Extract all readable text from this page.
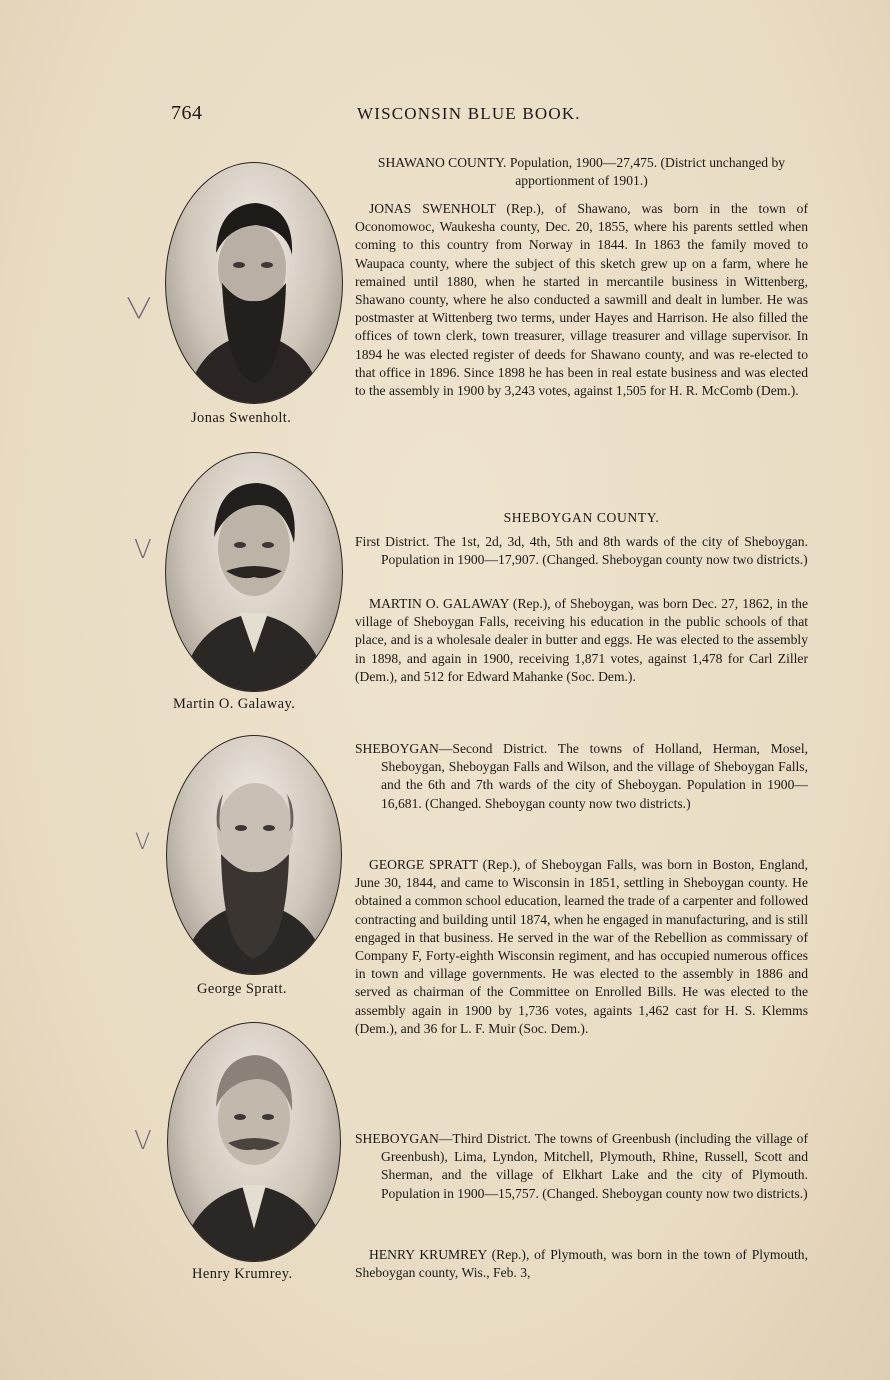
764	WISCONSIN BLUE BOOK.
Jonas Swenholt.
╲╱
Martin O. Galaway.
V
George Spratt.
V
Henry Krumrey.
V

SHAWANO COUNTY. Population, 1900—27,475. (District unchanged by apportionment of 1901.)

JONAS SWENHOLT (Rep.), of Shawano, was born in the town of Oconomowoc, Waukesha county, Dec. 20, 1855, where his parents settled when coming to this country from Norway in 1844. In 1863 the family moved to Waupaca county, where the subject of this sketch grew up on a farm, where he remained until 1880, when he started in mercantile business in Wittenberg, Shawano county, where he also conducted a sawmill and dealt in lumber. He was postmaster at Wittenberg two terms, under Hayes and Harrison. He also filled the offices of town clerk, town treasurer, village treasurer and village supervisor. In 1894 he was elected register of deeds for Shawano county, and was re-elected to that office in 1896. Since 1898 he has been in real estate business and was elected to the assembly in 1900 by 3,243 votes, against 1,505 for H. R. McComb (Dem.).

SHEBOYGAN COUNTY.

First District. The 1st, 2d, 3d, 4th, 5th and 8th wards of the city of Sheboygan. Population in 1900—17,907. (Changed. Sheboygan county now two districts.)

MARTIN O. GALAWAY (Rep.), of Sheboygan, was born Dec. 27, 1862, in the village of Sheboygan Falls, receiving his education in the public schools of that place, and is a wholesale dealer in butter and eggs. He was elected to the assembly in 1898, and again in 1900, receiving 1,871 votes, against 1,478 for Carl Ziller (Dem.), and 512 for Edward Mahanke (Soc. Dem.).

SHEBOYGAN—Second District. The towns of Holland, Herman, Mosel, Sheboygan, Sheboygan Falls and Wilson, and the village of Sheboygan Falls, and the 6th and 7th wards of the city of Sheboygan. Population in 1900—16,681. (Changed. Sheboygan county now two districts.)

GEORGE SPRATT (Rep.), of Sheboygan Falls, was born in Boston, England, June 30, 1844, and came to Wisconsin in 1851, settling in Sheboygan county. He obtained a common school education, learned the trade of a carpenter and followed contracting and building until 1874, when he engaged in manufacturing, and is still engaged in that business. He served in the war of the Rebellion as commissary of Company F, Forty-eighth Wisconsin regiment, and has occupied numerous offices in town and village governments. He was elected to the assembly in 1886 and served as chairman of the Committee on Enrolled Bills. He was elected to the assembly again in 1900 by 1,736 votes, againts 1,462 cast for H. S. Klemms (Dem.), and 36 for L. F. Muir (Soc. Dem.).

SHEBOYGAN—Third District. The towns of Greenbush (including the village of Greenbush), Lima, Lyndon, Mitchell, Plymouth, Rhine, Russell, Scott and Sherman, and the village of Elkhart Lake and the city of Plymouth. Population in 1900—15,757. (Changed. Sheboygan county now two districts.)

HENRY KRUMREY (Rep.), of Plymouth, was born in the town of Plymouth, Sheboygan county, Wis., Feb. 3,
